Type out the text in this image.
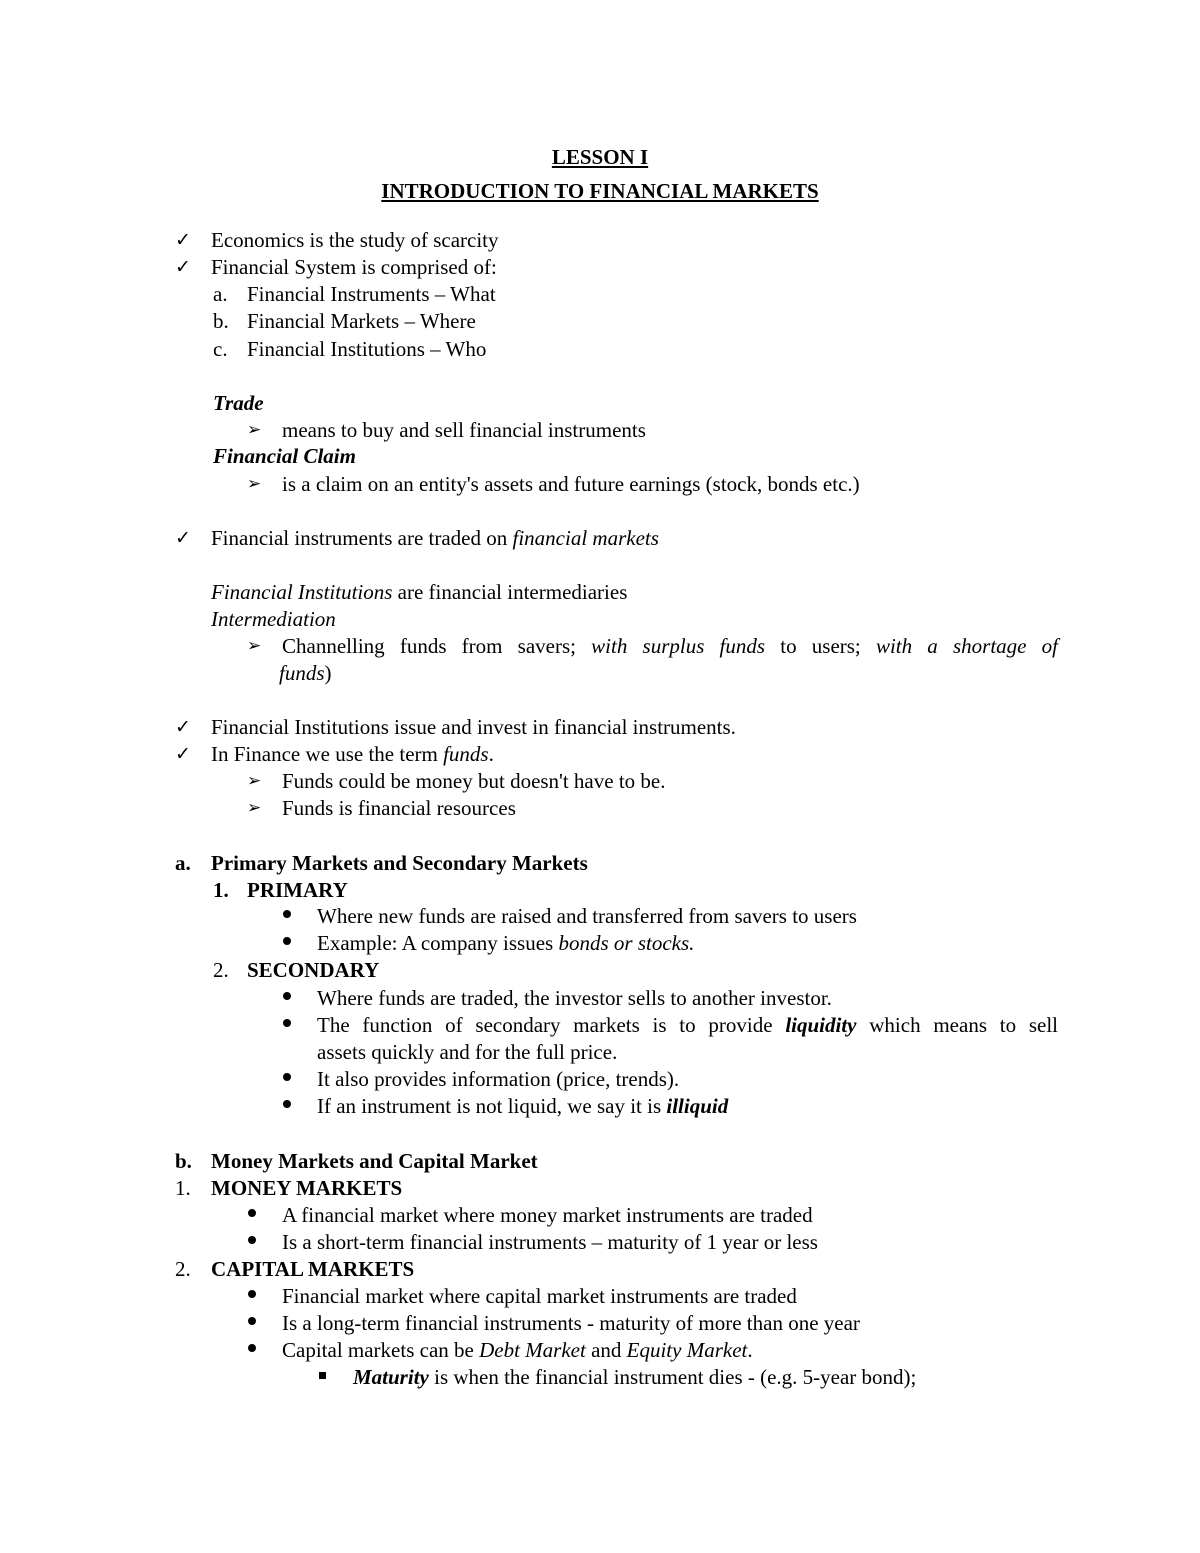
LESSON I
INTRODUCTION TO FINANCIAL MARKETS
✓ Economics is the study of scarcity
✓ Financial System is comprised of:
a. Financial Instruments – What
b. Financial Markets – Where
c. Financial Institutions – Who
Trade
➢ means to buy and sell financial instruments
Financial Claim
➢ is a claim on an entity's assets and future earnings (stock, bonds etc.)
✓ Financial instruments are traded on financial markets
Financial Institutions are financial intermediaries
Intermediation
➢ Channelling funds from savers; with surplus funds to users; with a shortage of
funds)
✓ Financial Institutions issue and invest in financial instruments.
✓ In Finance we use the term funds.
➢ Funds could be money but doesn't have to be.
➢ Funds is financial resources
a. Primary Markets and Secondary Markets
1. PRIMARY
Where new funds are raised and transferred from savers to users
Example: A company issues bonds or stocks.
2. SECONDARY
Where funds are traded, the investor sells to another investor.
The function of secondary markets is to provide liquidity which means to sell
assets quickly and for the full price.
It also provides information (price, trends).
If an instrument is not liquid, we say it is illiquid
b. Money Markets and Capital Market
1. MONEY MARKETS
A financial market where money market instruments are traded
Is a short-term financial instruments – maturity of 1 year or less
2. CAPITAL MARKETS
Financial market where capital market instruments are traded
Is a long-term financial instruments - maturity of more than one year
Capital markets can be Debt Market and Equity Market.
Maturity is when the financial instrument dies - (e.g. 5-year bond);
